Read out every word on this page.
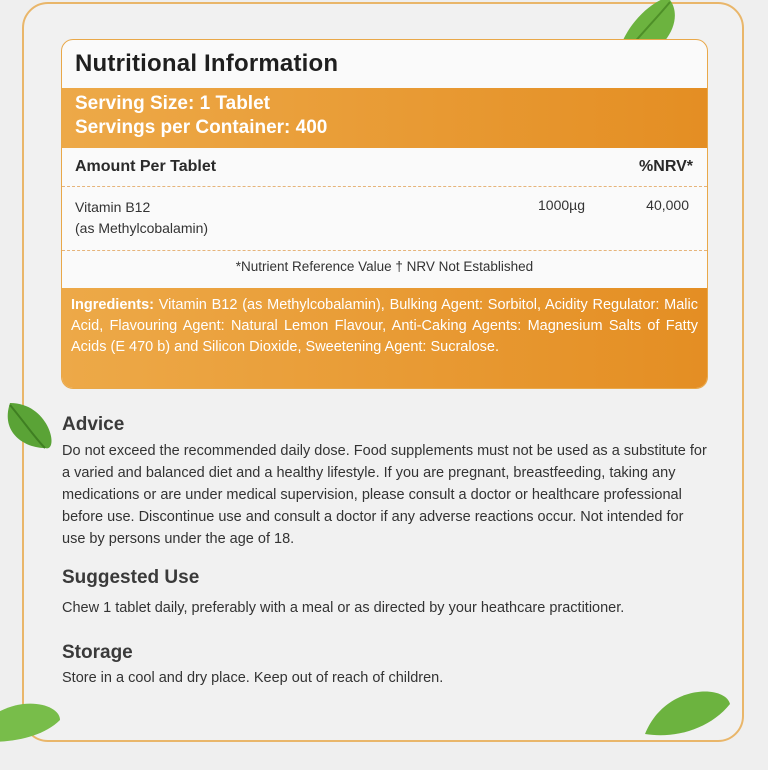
Nutritional Information
Serving Size: 1 Tablet
Servings per Container: 400
Amount Per Tablet	%NRV*
Vitamin B12
(as Methylcobalamin)
1000µg	40,000
*Nutrient Reference Value † NRV Not Established
Ingredients: Vitamin B12 (as Methylcobalamin), Bulking Agent: Sorbitol, Acidity Regulator: Malic Acid, Flavouring Agent: Natural Lemon Flavour, Anti-Caking Agents: Magnesium Salts of Fatty Acids (E 470 b) and Silicon Dioxide, Sweetening Agent: Sucralose.
Advice
Do not exceed the recommended daily dose. Food supplements must not be used as a substitute for a varied and balanced diet and a healthy lifestyle. If you are pregnant, breastfeeding, taking any medications or are under medical supervision, please consult a doctor or healthcare professional before use. Discontinue use and consult a doctor if any adverse reactions occur. Not intended for use by persons under the age of 18.
Suggested Use
Chew 1 tablet daily, preferably with a meal or as directed by your heathcare practitioner.
Storage
Store in a cool and dry place. Keep out of reach of children.
